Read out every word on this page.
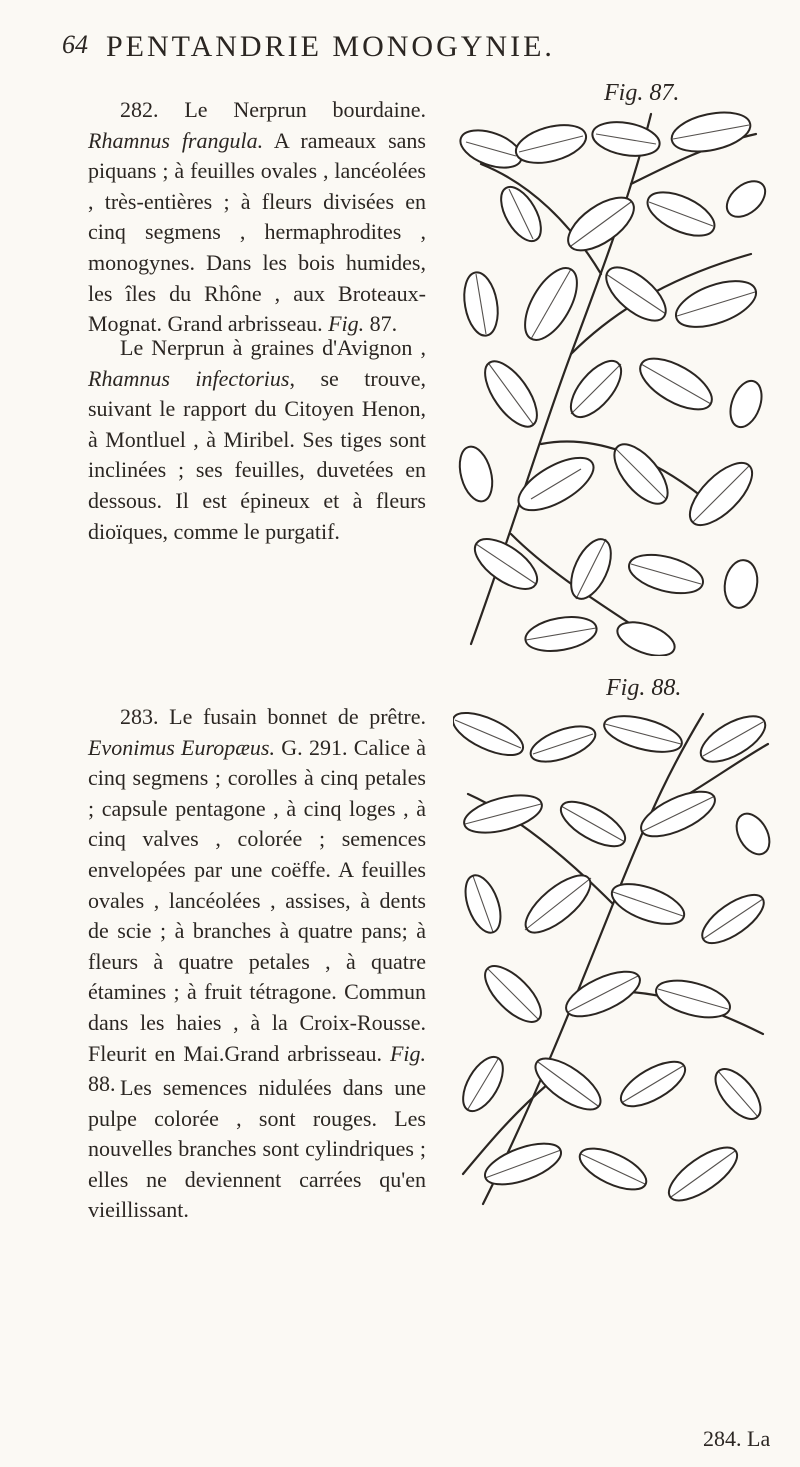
64 PENTANDRIE MONOGYNIE.

282. Le Nerprun bourdaine. Rhamnus frangula. A rameaux sans piquans ; à feuilles ovales , lancéolées , très-entières ; à fleurs divisées en cinq segmens , hermaphrodites , monogynes. Dans les bois humides, les îles du Rhône , aux Broteaux-Mognat. Grand arbrisseau. Fig. 87.

Le Nerprun à graines d'Avignon , Rhamnus infectorius, se trouve, suivant le rapport du Citoyen Henon, à Montluel , à Miribel. Ses tiges sont inclinées ; ses feuilles, duvetées en dessous. Il est épineux et à fleurs dioïques, comme le purgatif.

283. Le fusain bonnet de prêtre. Evonimus Europæus. G. 291. Calice à cinq segmens ; corolles à cinq petales ; capsule pentagone , à cinq loges , à cinq valves , colorée ; semences envelopées par une coëffe. A feuilles ovales , lancéolées , assises, à dents de scie ; à branches à quatre pans; à fleurs à quatre petales , à quatre étamines ; à fruit tétragone. Commun dans les haies , à la Croix-Rousse. Fleurit en Mai.Grand arbrisseau. Fig. 88. Les semences nidulées dans une pulpe colorée , sont rouges. Les nouvelles branches sont cylindriques ; elles ne deviennent carrées qu'en vieillissant.

Fig. 87.
Fig. 88.
284. La
